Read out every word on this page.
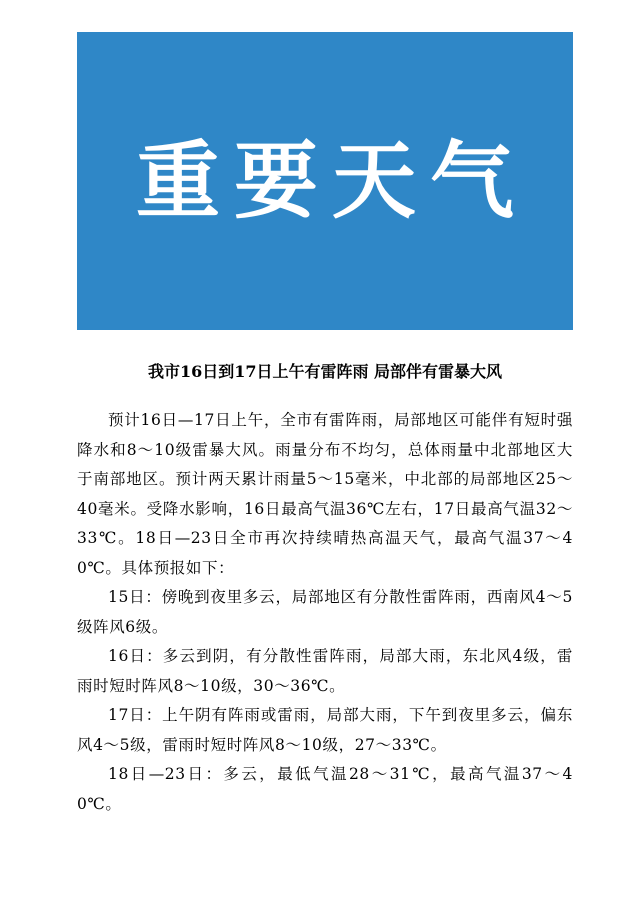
重要天气
我市16日到17日上午有雷阵雨 局部伴有雷暴大风

预计16日—17日上午，全市有雷阵雨，局部地区可能伴有短时强降水和8～10级雷暴大风。雨量分布不均匀，总体雨量中北部地区大于南部地区。预计两天累计雨量5～15毫米，中北部的局部地区25～40毫米。受降水影响，16日最高气温36℃左右，17日最高气温32～33℃。18日—23日全市再次持续晴热高温天气，最高气温37～40℃。具体预报如下：

15日：傍晚到夜里多云，局部地区有分散性雷阵雨，西南风4～5级阵风6级。

16日：多云到阴，有分散性雷阵雨，局部大雨，东北风4级，雷雨时短时阵风8～10级，30～36℃。

17日：上午阴有阵雨或雷雨，局部大雨，下午到夜里多云，偏东风4～5级，雷雨时短时阵风8～10级，27～33℃。

18日—23日：多云，最低气温28～31℃，最高气温37～40℃。
